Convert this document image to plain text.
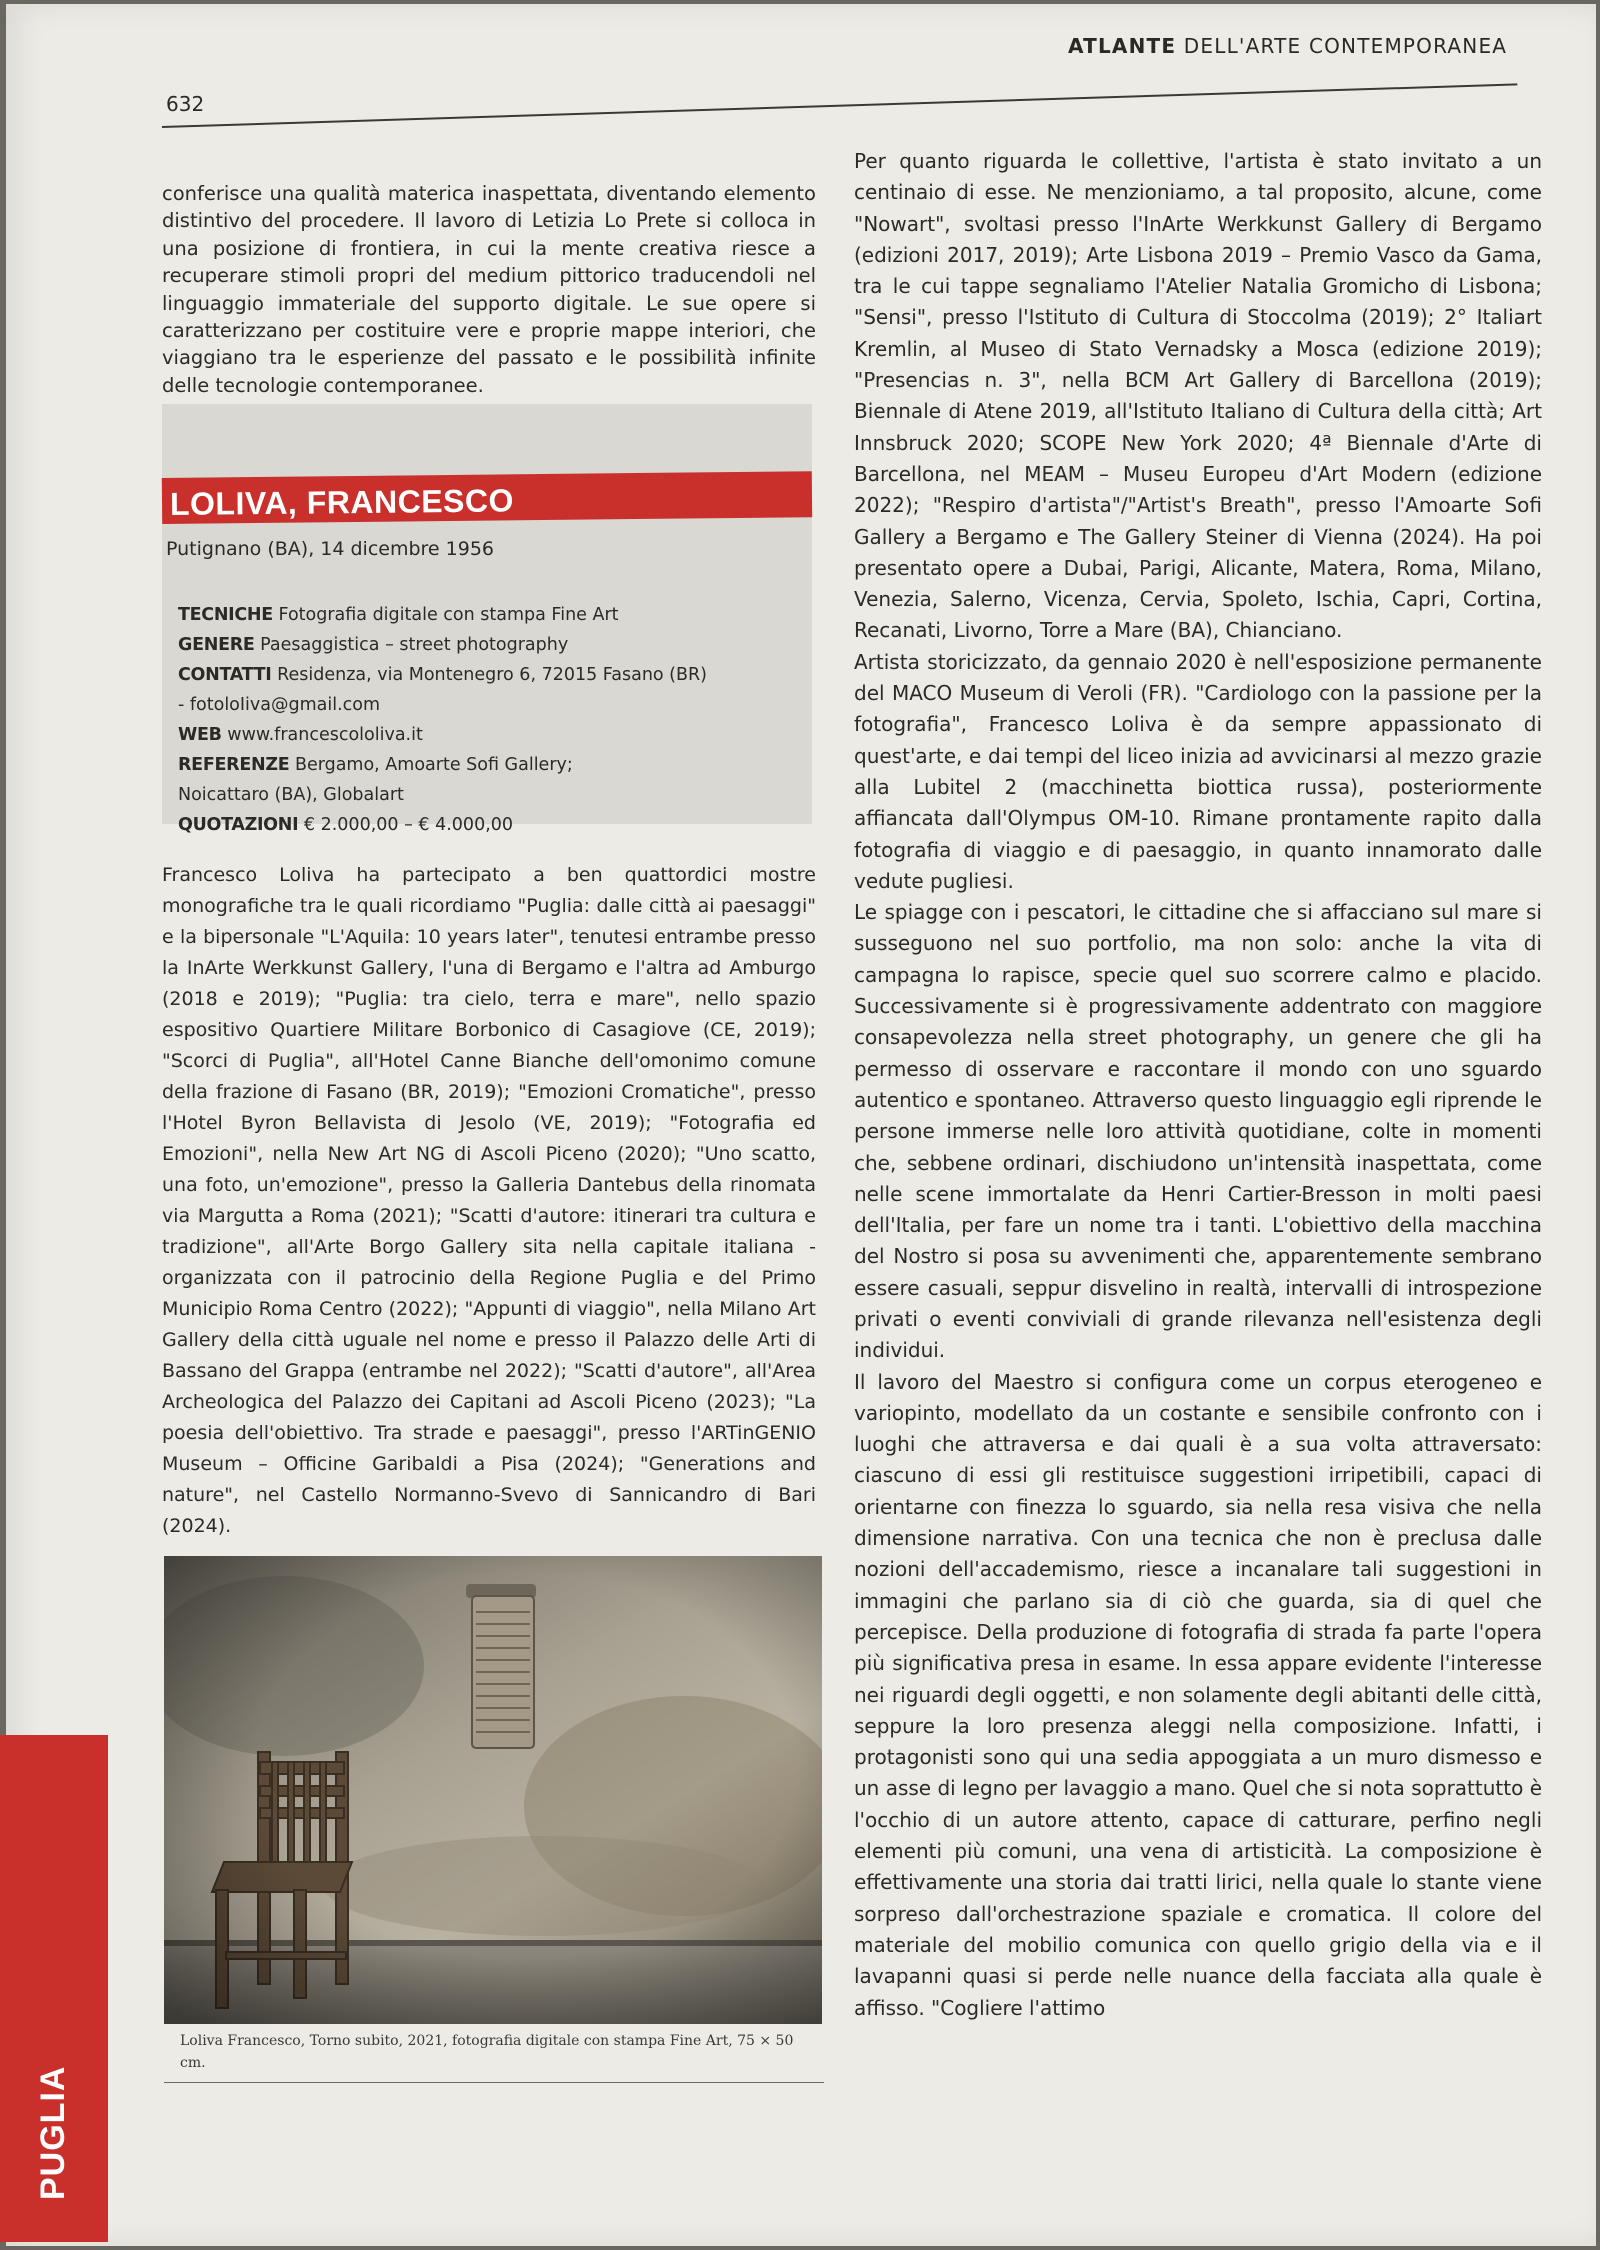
ATLANTE DELL'ARTE CONTEMPORANEA
632

conferisce una qualità materica inaspettata, diventando elemento distintivo del procedere. Il lavoro di Letizia Lo Prete si colloca in una posizione di frontiera, in cui la mente creativa riesce a recuperare stimoli propri del medium pittorico traducendoli nel linguaggio immateriale del supporto digitale. Le sue opere si caratterizzano per costituire vere e proprie mappe interiori, che viaggiano tra le esperienze del passato e le possibilità infinite delle tecnologie contemporanee.

LOLIVA, FRANCESCO
Putignano (BA), 14 dicembre 1956
TECNICHE Fotografia digitale con stampa Fine Art
GENERE Paesaggistica – street photography
CONTATTI Residenza, via Montenegro 6, 72015 Fasano (BR)
- fotoloIiva@gmail.com
WEB www.francescololiva.it
REFERENZE Bergamo, Amoarte Sofi Gallery;
Noicattaro (BA), Globalart
QUOTAZIONI € 2.000,00 – € 4.000,00

Francesco Loliva ha partecipato a ben quattordici mostre monografiche tra le quali ricordiamo "Puglia: dalle città ai paesaggi" e la bipersonale "L'Aquila: 10 years later", tenutesi entrambe presso la InArte Werkkunst Gallery, l'una di Bergamo e l'altra ad Amburgo (2018 e 2019); "Puglia: tra cielo, terra e mare", nello spazio espositivo Quartiere Militare Borbonico di Casagiove (CE, 2019); "Scorci di Puglia", all'Hotel Canne Bianche dell'omonimo comune della frazione di Fasano (BR, 2019); "Emozioni Cromatiche", presso l'Hotel Byron Bellavista di Jesolo (VE, 2019); "Fotografia ed Emozioni", nella New Art NG di Ascoli Piceno (2020); "Uno scatto, una foto, un'emozione", presso la Galleria Dantebus della rinomata via Margutta a Roma (2021); "Scatti d'autore: itinerari tra cultura e tradizione", all'Arte Borgo Gallery sita nella capitale italiana - organizzata con il patrocinio della Regione Puglia e del Primo Municipio Roma Centro (2022); "Appunti di viaggio", nella Milano Art Gallery della città uguale nel nome e presso il Palazzo delle Arti di Bassano del Grappa (entrambe nel 2022); "Scatti d'autore", all'Area Archeologica del Palazzo dei Capitani ad Ascoli Piceno (2023); "La poesia dell'obiettivo. Tra strade e paesaggi", presso l'ARTinGENIO Museum – Officine Garibaldi a Pisa (2024); "Generations and nature", nel Castello Normanno-Svevo di Sannicandro di Bari (2024).

Loliva Francesco, Torno subito, 2021, fotografia digitale con stampa Fine Art, 75 × 50 cm.

Per quanto riguarda le collettive, l'artista è stato invitato a un centinaio di esse. Ne menzioniamo, a tal proposito, alcune, come "Nowart", svoltasi presso l'InArte Werkkunst Gallery di Bergamo (edizioni 2017, 2019); Arte Lisbona 2019 – Premio Vasco da Gama, tra le cui tappe segnaliamo l'Atelier Natalia Gromicho di Lisbona; "Sensi", presso l'Istituto di Cultura di Stoccolma (2019); 2° Italiart Kremlin, al Museo di Stato Vernadsky a Mosca (edizione 2019); "Presencias n. 3", nella BCM Art Gallery di Barcellona (2019); Biennale di Atene 2019, all'Istituto Italiano di Cultura della città; Art Innsbruck 2020; SCOPE New York 2020; 4ª Biennale d'Arte di Barcellona, nel MEAM – Museu Europeu d'Art Modern (edizione 2022); "Respiro d'artista"/"Artist's Breath", presso l'Amoarte Sofi Gallery a Bergamo e The Gallery Steiner di Vienna (2024). Ha poi presentato opere a Dubai, Parigi, Alicante, Matera, Roma, Milano, Venezia, Salerno, Vicenza, Cervia, Spoleto, Ischia, Capri, Cortina, Recanati, Livorno, Torre a Mare (BA), Chianciano.

Artista storicizzato, da gennaio 2020 è nell'esposizione permanente del MACO Museum di Veroli (FR). "Cardiologo con la passione per la fotografia", Francesco Loliva è da sempre appassionato di quest'arte, e dai tempi del liceo inizia ad avvicinarsi al mezzo grazie alla Lubitel 2 (macchinetta biottica russa), posteriormente affiancata dall'Olympus OM-10. Rimane prontamente rapito dalla fotografia di viaggio e di paesaggio, in quanto innamorato dalle vedute pugliesi.

Le spiagge con i pescatori, le cittadine che si affacciano sul mare si susseguono nel suo portfolio, ma non solo: anche la vita di campagna lo rapisce, specie quel suo scorrere calmo e placido. Successivamente si è progressivamente addentrato con maggiore consapevolezza nella street photography, un genere che gli ha permesso di osservare e raccontare il mondo con uno sguardo autentico e spontaneo. Attraverso questo linguaggio egli riprende le persone immerse nelle loro attività quotidiane, colte in momenti che, sebbene ordinari, dischiudono un'intensità inaspettata, come nelle scene immortalate da Henri Cartier-Bresson in molti paesi dell'Italia, per fare un nome tra i tanti. L'obiettivo della macchina del Nostro si posa su avvenimenti che, apparentemente sembrano essere casuali, seppur disvelino in realtà, intervalli di introspezione privati o eventi conviviali di grande rilevanza nell'esistenza degli individui.

Il lavoro del Maestro si configura come un corpus eterogeneo e variopinto, modellato da un costante e sensibile confronto con i luoghi che attraversa e dai quali è a sua volta attraversato: ciascuno di essi gli restituisce suggestioni irripetibili, capaci di orientarne con finezza lo sguardo, sia nella resa visiva che nella dimensione narrativa. Con una tecnica che non è preclusa dalle nozioni dell'accademismo, riesce a incanalare tali suggestioni in immagini che parlano sia di ciò che guarda, sia di quel che percepisce. Della produzione di fotografia di strada fa parte l'opera più significativa presa in esame. In essa appare evidente l'interesse nei riguardi degli oggetti, e non solamente degli abitanti delle città, seppure la loro presenza aleggi nella composizione. Infatti, i protagonisti sono qui una sedia appoggiata a un muro dismesso e un asse di legno per lavaggio a mano. Quel che si nota soprattutto è l'occhio di un autore attento, capace di catturare, perfino negli elementi più comuni, una vena di artisticità. La composizione è effettivamente una storia dai tratti lirici, nella quale lo stante viene sorpreso dall'orchestrazione spaziale e cromatica. Il colore del materiale del mobilio comunica con quello grigio della via e il lavapanni quasi si perde nelle nuance della facciata alla quale è affisso. "Cogliere l'attimo

PUGLIA
